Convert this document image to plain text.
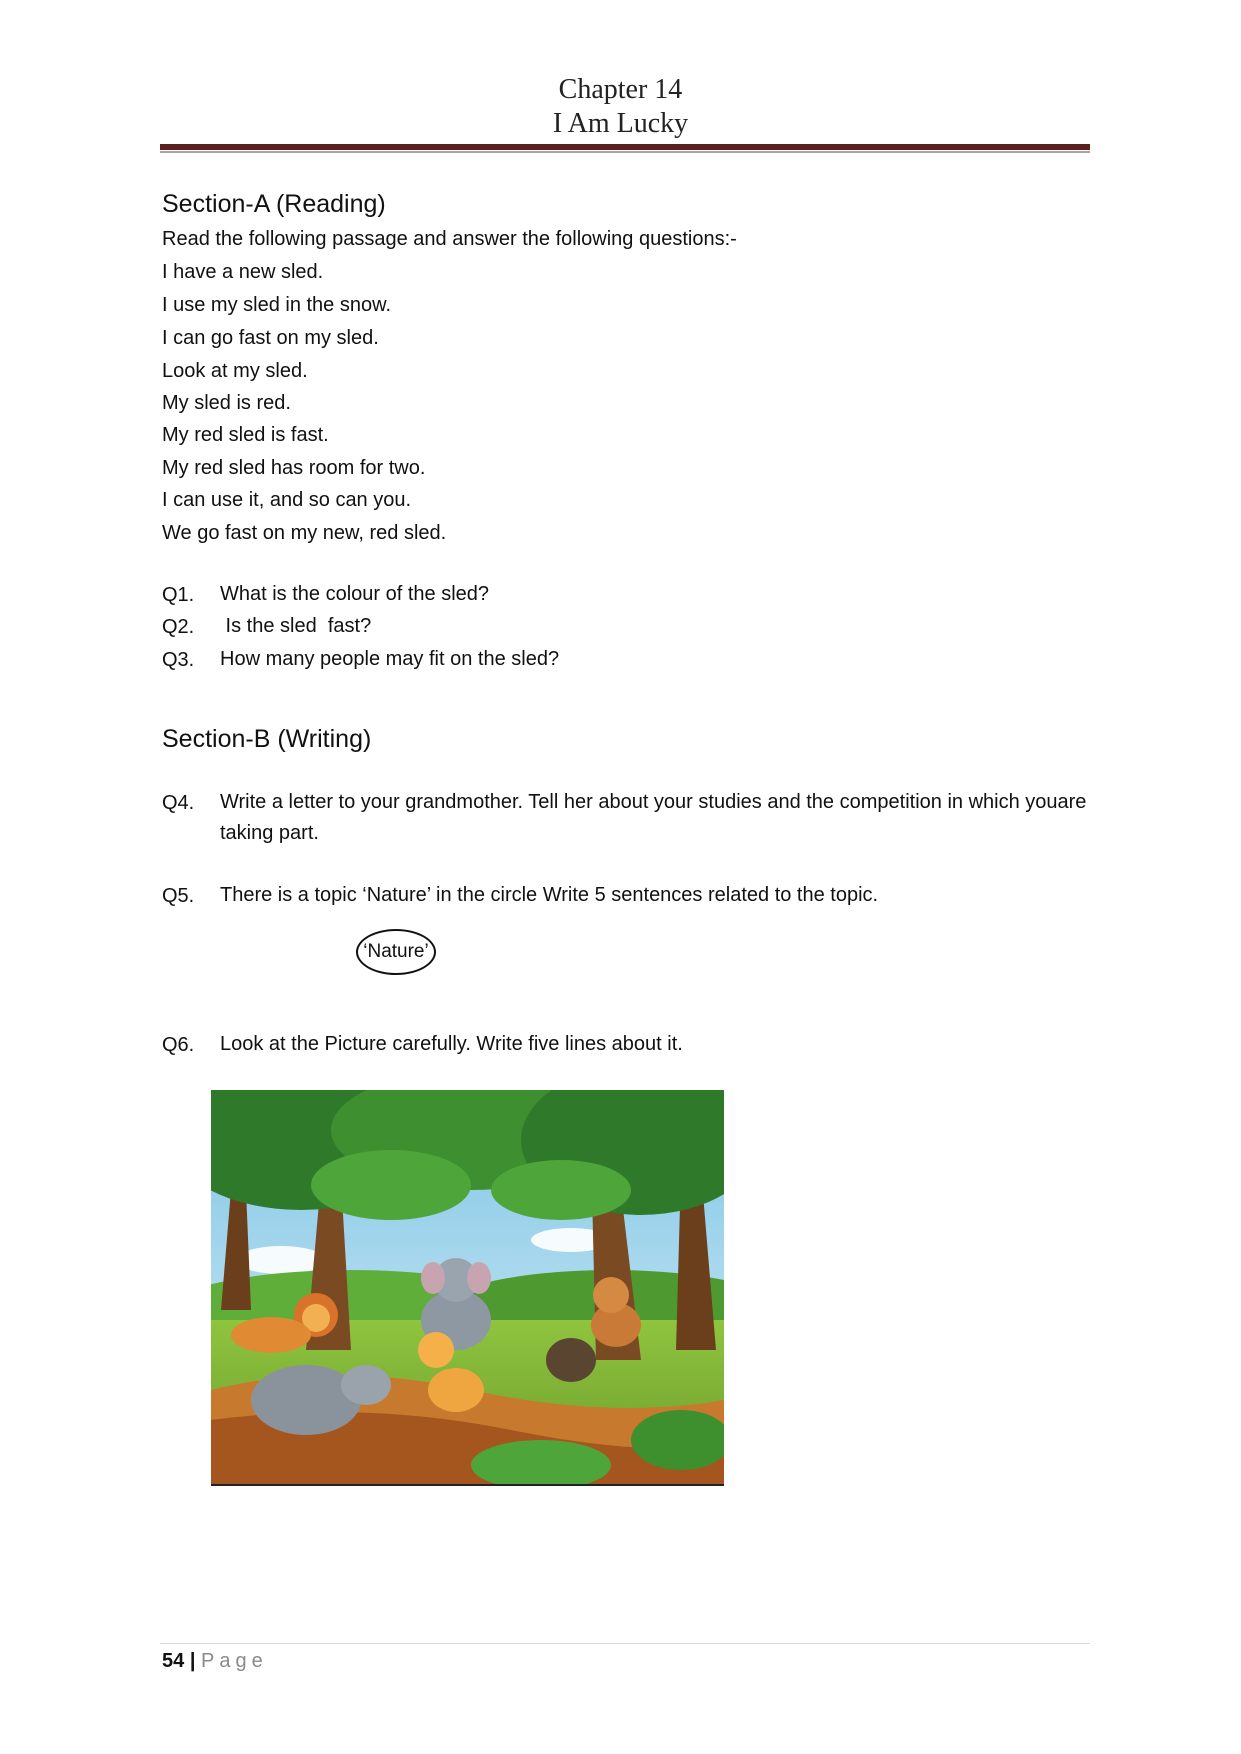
Chapter 14
I Am Lucky
Section-A (Reading)
Read the following passage and answer the following questions:-
I have a new sled.
I use my sled in the snow.
I can go fast on my sled.
Look at my sled.
My sled is red.
My red sled is fast.
My red sled has room for two.
I can use it, and so can you.
We go fast on my new, red sled.
Q1. What is the colour of the sled?
Q2. Is the sled  fast?
Q3. How many people may fit on the sled?
Section-B (Writing)
Q4. Write a letter to your grandmother. Tell her about your studies and the competition in which youare taking part.
Q5. There is a topic ‘Nature’ in the circle Write 5 sentences related to the topic.
‘Nature’
Q6. Look at the Picture carefully. Write five lines about it.
54 | Page
